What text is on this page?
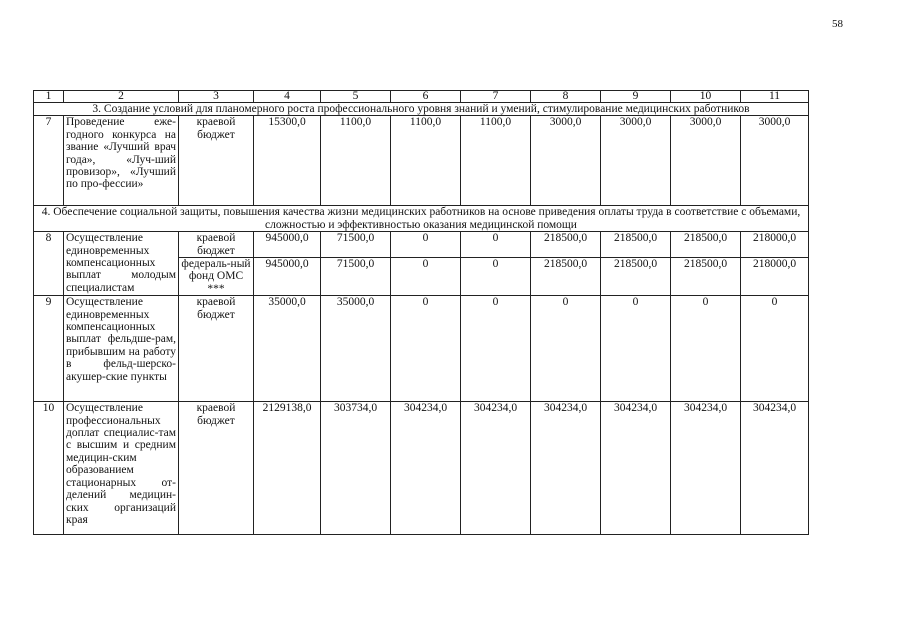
58
1	2	3	4	5	6	7	8	9	10	11
3. Создание условий для планомерного роста профессионального уровня знаний и умений, стимулирование медицинских работников										
7	Проведение еже-годного конкурса на звание «Лучший врач года», «Луч-ший провизор», «Лучший по про-фессии»	краевой бюджет	15300,0	1100,0	1100,0	1100,0	3000,0	3000,0	3000,0	3000,0
4. Обеспечение социальной защиты, повышения качества жизни медицинских работников на основе приведения оплаты труда в соответствие с объемами, сложностью и эффективностью оказания медицинской помощи										
8	Осуществление единовременных компенсационных выплат молодым специалистам	краевой бюджет	945000,0	71500,0	0	0	218500,0	218500,0	218500,0	218000,0
		федераль-ный фонд ОМС ***	945000,0	71500,0	0	0	218500,0	218500,0	218500,0	218000,0
9	Осуществление единовременных компенсационных выплат фельдше-рам, прибывшим на работу в фельд-шерско-акушер-ские пункты	краевой бюджет	35000,0	35000,0	0	0	0	0	0	0
10	Осуществление профессиональных доплат специалис-там с высшим и средним медицин-ским образованием стационарных от-делений медицин-ских организаций края	краевой бюджет	2129138,0	303734,0	304234,0	304234,0	304234,0	304234,0	304234,0	304234,0
